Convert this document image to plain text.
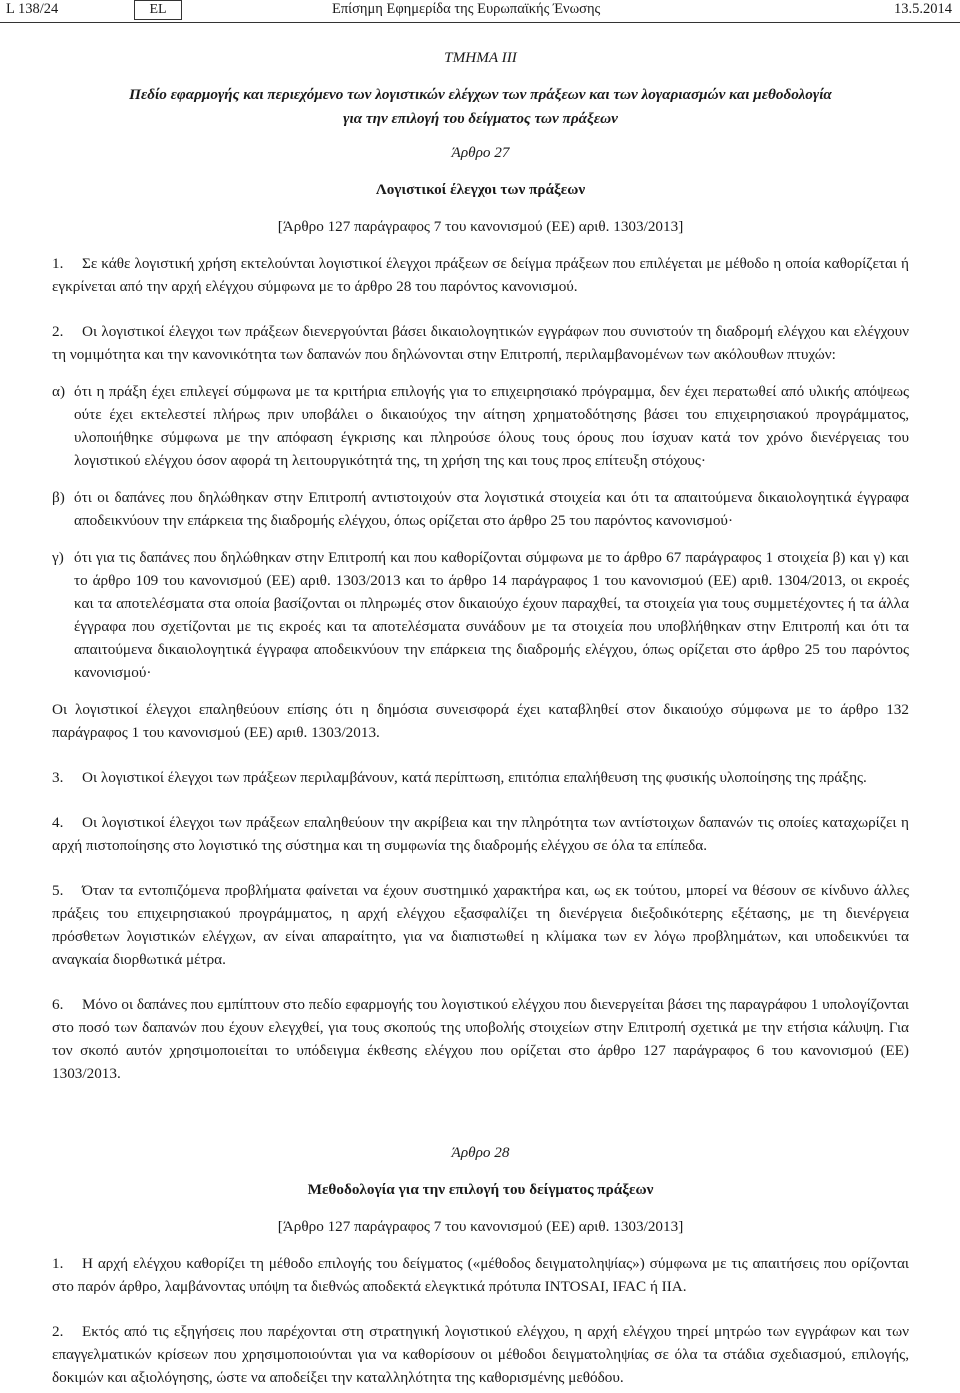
L 138/24	EL	Επίσημη Εφημερίδα της Ευρωπαϊκής Ένωσης	13.5.2014

ΤΜΗΜΑ III

Πεδίο εφαρμογής και περιεχόμενο των λογιστικών ελέγχων των πράξεων και των λογαριασμών και μεθοδολογία
για την επιλογή του δείγματος των πράξεων

Άρθρο 27

Λογιστικοί έλεγχοι των πράξεων

[Άρθρο 127 παράγραφος 7 του κανονισμού (ΕΕ) αριθ. 1303/2013]

1. Σε κάθε λογιστική χρήση εκτελούνται λογιστικοί έλεγχοι πράξεων σε δείγμα πράξεων που επιλέγεται με μέθοδο η οποία καθορίζεται ή εγκρίνεται από την αρχή ελέγχου σύμφωνα με το άρθρο 28 του παρόντος κανονισμού.

2. Οι λογιστικοί έλεγχοι των πράξεων διενεργούνται βάσει δικαιολογητικών εγγράφων που συνιστούν τη διαδρομή ελέγχου και ελέγχουν τη νομιμότητα και την κανονικότητα των δαπανών που δηλώνονται στην Επιτροπή, περιλαμβανομένων των ακόλουθων πτυχών:

α) ότι η πράξη έχει επιλεγεί σύμφωνα με τα κριτήρια επιλογής για το επιχειρησιακό πρόγραμμα, δεν έχει περατωθεί από υλικής απόψεως ούτε έχει εκτελεστεί πλήρως πριν υποβάλει ο δικαιούχος την αίτηση χρηματοδότησης βάσει του επιχειρησιακού προγράμματος, υλοποιήθηκε σύμφωνα με την απόφαση έγκρισης και πληρούσε όλους τους όρους που ίσχυαν κατά τον χρόνο διενέργειας του λογιστικού ελέγχου όσον αφορά τη λειτουργικότητά της, τη χρήση της και τους προς επίτευξη στόχους·
β) ότι οι δαπάνες που δηλώθηκαν στην Επιτροπή αντιστοιχούν στα λογιστικά στοιχεία και ότι τα απαιτούμενα δικαιολογητικά έγγραφα αποδεικνύουν την επάρκεια της διαδρομής ελέγχου, όπως ορίζεται στο άρθρο 25 του παρόντος κανονισμού·
γ) ότι για τις δαπάνες που δηλώθηκαν στην Επιτροπή και που καθορίζονται σύμφωνα με το άρθρο 67 παράγραφος 1 στοιχεία β) και γ) και το άρθρο 109 του κανονισμού (ΕΕ) αριθ. 1303/2013 και το άρθρο 14 παράγραφος 1 του κανονισμού (ΕΕ) αριθ. 1304/2013, οι εκροές και τα αποτελέσματα στα οποία βασίζονται οι πληρωμές στον δικαιούχο έχουν παραχθεί, τα στοιχεία για τους συμμετέχοντες ή τα άλλα έγγραφα που σχετίζονται με τις εκροές και τα αποτελέσματα συνάδουν με τα στοιχεία που υποβλήθηκαν στην Επιτροπή και ότι τα απαιτούμενα δικαιολογητικά έγγραφα αποδεικνύουν την επάρκεια της διαδρομής ελέγχου, όπως ορίζεται στο άρθρο 25 του παρόντος κανονισμού·

Οι λογιστικοί έλεγχοι επαληθεύουν επίσης ότι η δημόσια συνεισφορά έχει καταβληθεί στον δικαιούχο σύμφωνα με το άρθρο 132 παράγραφος 1 του κανονισμού (ΕΕ) αριθ. 1303/2013.

3. Οι λογιστικοί έλεγχοι των πράξεων περιλαμβάνουν, κατά περίπτωση, επιτόπια επαλήθευση της φυσικής υλοποίησης της πράξης.

4. Οι λογιστικοί έλεγχοι των πράξεων επαληθεύουν την ακρίβεια και την πληρότητα των αντίστοιχων δαπανών τις οποίες καταχωρίζει η αρχή πιστοποίησης στο λογιστικό της σύστημα και τη συμφωνία της διαδρομής ελέγχου σε όλα τα επίπεδα.

5. Όταν τα εντοπιζόμενα προβλήματα φαίνεται να έχουν συστημικό χαρακτήρα και, ως εκ τούτου, μπορεί να θέσουν σε κίνδυνο άλλες πράξεις του επιχειρησιακού προγράμματος, η αρχή ελέγχου εξασφαλίζει τη διενέργεια διεξοδικότερης εξέτασης, με τη διενέργεια πρόσθετων λογιστικών ελέγχων, αν είναι απαραίτητο, για να διαπιστωθεί η κλίμακα των εν λόγω προβλημάτων, και υποδεικνύει τα αναγκαία διορθωτικά μέτρα.

6. Μόνο οι δαπάνες που εμπίπτουν στο πεδίο εφαρμογής του λογιστικού ελέγχου που διενεργείται βάσει της παραγράφου 1 υπολογίζονται στο ποσό των δαπανών που έχουν ελεγχθεί, για τους σκοπούς της υποβολής στοιχείων στην Επιτροπή σχετικά με την ετήσια κάλυψη. Για τον σκοπό αυτόν χρησιμοποιείται το υπόδειγμα έκθεσης ελέγχου που ορίζεται στο άρθρο 127 παράγραφος 6 του κανονισμού (ΕΕ) 1303/2013.

Άρθρο 28

Μεθοδολογία για την επιλογή του δείγματος πράξεων

[Άρθρο 127 παράγραφος 7 του κανονισμού (ΕΕ) αριθ. 1303/2013]

1. Η αρχή ελέγχου καθορίζει τη μέθοδο επιλογής του δείγματος («μέθοδος δειγματοληψίας») σύμφωνα με τις απαιτήσεις που ορίζονται στο παρόν άρθρο, λαμβάνοντας υπόψη τα διεθνώς αποδεκτά ελεγκτικά πρότυπα INTOSAI, IFAC ή IIA.

2. Εκτός από τις εξηγήσεις που παρέχονται στη στρατηγική λογιστικού ελέγχου, η αρχή ελέγχου τηρεί μητρώο των εγγράφων και των επαγγελματικών κρίσεων που χρησιμοποιούνται για να καθορίσουν οι μέθοδοι δειγματοληψίας σε όλα τα στάδια σχεδιασμού, επιλογής, δοκιμών και αξιολόγησης, ώστε να αποδείξει την καταλληλότητα της καθορισμένης μεθόδου.
